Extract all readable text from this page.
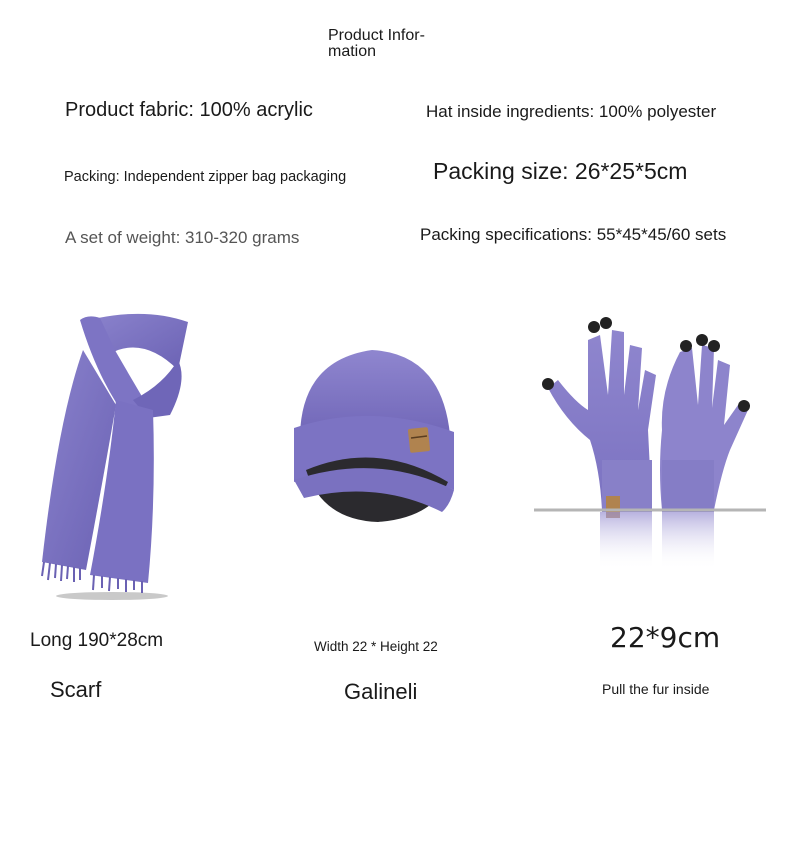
Product Infor-
mation
Product fabric: 100% acrylic	Hat inside ingredients: 100% polyester
Packing: Independent zipper bag packaging	Packing size: 26*25*5cm
A set of weight: 310-320 grams	Packing specifications: 55*45*45/60 sets
Long 190*28cm	Width 22 * Height 22	22*9cm
Scarf	Galineli	Pull the fur inside
